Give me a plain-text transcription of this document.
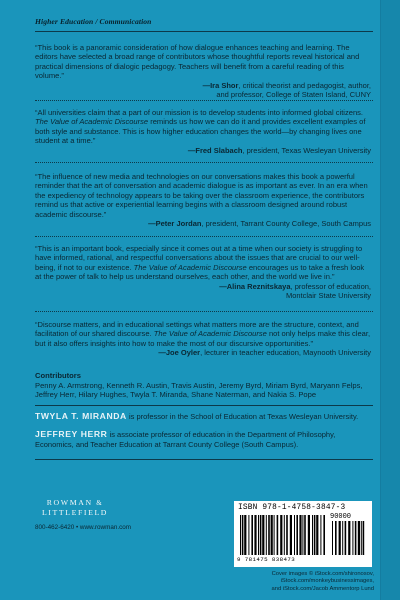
Higher Education / Communication

“This book is a panoramic consideration of how dialogue enhances teaching and learning. The editors have selected a broad range of contributors whose thoughtful reports reveal historical and practical dimensions of dialogic pedagogy. Teachers will benefit from a careful reading of this volume.”

—Ira Shor, critical theorist and pedagogist, author,
and professor, College of Staten Island, CUNY

“All universities claim that a part of our mission is to develop students into informed global citizens. The Value of Academic Discourse reminds us how we can do it and provides excellent examples of both style and substance. This is how higher education changes the world—by changing lives one student at a time.”

—Fred Slabach, president, Texas Wesleyan University

“The influence of new media and technologies on our conversations makes this book a powerful reminder that the art of conversation and academic dialogue is as important as ever. In an era when the expediency of technology appears to be taking over the classroom experience, the contributors remind us that active or experiential learning begins with a classroom designed around robust academic discourse.”

—Peter Jordan, president, Tarrant County College, South Campus

“This is an important book, especially since it comes out at a time when our society is struggling to have informed, rational, and respectful conversations about the issues that are crucial to our well-being, if not to our existence. The Value of Academic Discourse encourages us to take a fresh look at the power of talk to help us understand ourselves, each other, and the world we live in.”

—Alina Reznitskaya, professor of education,
Montclair State University

“Discourse matters, and in educational settings what matters more are the structure, context, and facilitation of our shared discourse. The Value of Academic Discourse not only helps make this clear, but it also offers insights into how to make the most of our discursive opportunities.”

—Joe Oyler, lecturer in teacher education, Maynooth University
Contributors
Penny A. Armstrong, Kenneth R. Austin, Travis Austin, Jeremy Byrd, Miriam Byrd, Maryann Felps, Jeffrey Herr, Hilary Hughes, Twyla T. Miranda, Shane Naterman, and Nakia S. Pope
TWYLA T. MIRANDA is professor in the School of Education at Texas Wesleyan University.
JEFFREY HERR is associate professor of education in the Department of Philosophy, Economics, and Teacher Education at Tarrant County College (South Campus).
ROWMAN &
LITTLEFIELD
800-462-6420 • www.rowman.com
ISBN 978-1-4758-3847-3
90000
9 781475 838473
Cover images © iStock.com/shironosov,
iStock.com/monkeybusinessimages,
and iStock.com/Jacob Ammentorp Lund
